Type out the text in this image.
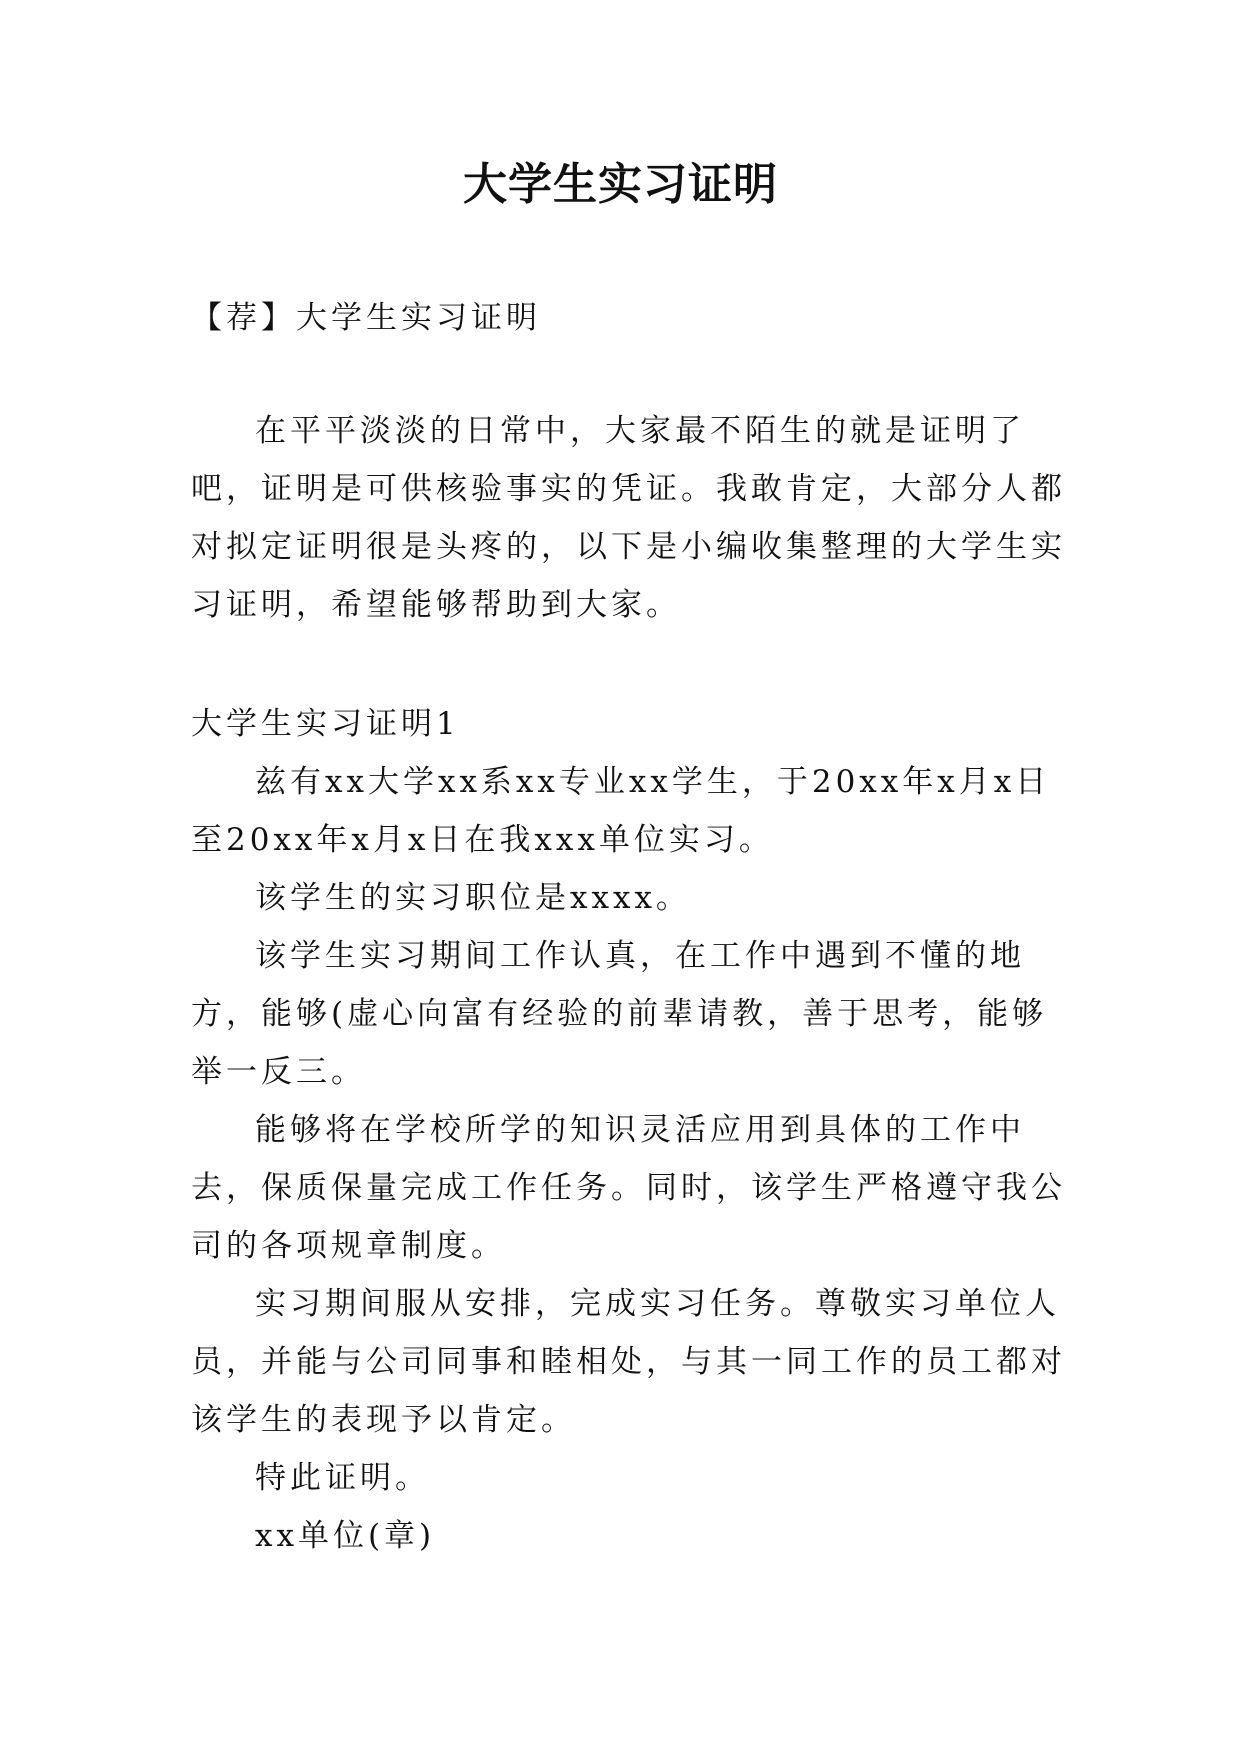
大学生实习证明

【荐】大学生实习证明

在平平淡淡的日常中，大家最不陌生的就是证明了吧，证明是可供核验事实的凭证。我敢肯定，大部分人都对拟定证明很是头疼的，以下是小编收集整理的大学生实习证明，希望能够帮助到大家。

大学生实习证明1

兹有xx大学xx系xx专业xx学生，于20xx年x月x日至20xx年x月x日在我xxx单位实习。

该学生的实习职位是xxxx。

该学生实习期间工作认真，在工作中遇到不懂的地方，能够(虚心向富有经验的前辈请教，善于思考，能够举一反三。

能够将在学校所学的知识灵活应用到具体的工作中去，保质保量完成工作任务。同时，该学生严格遵守我公司的各项规章制度。

实习期间服从安排，完成实习任务。尊敬实习单位人员，并能与公司同事和睦相处，与其一同工作的员工都对该学生的表现予以肯定。

特此证明。

xx单位(章)
